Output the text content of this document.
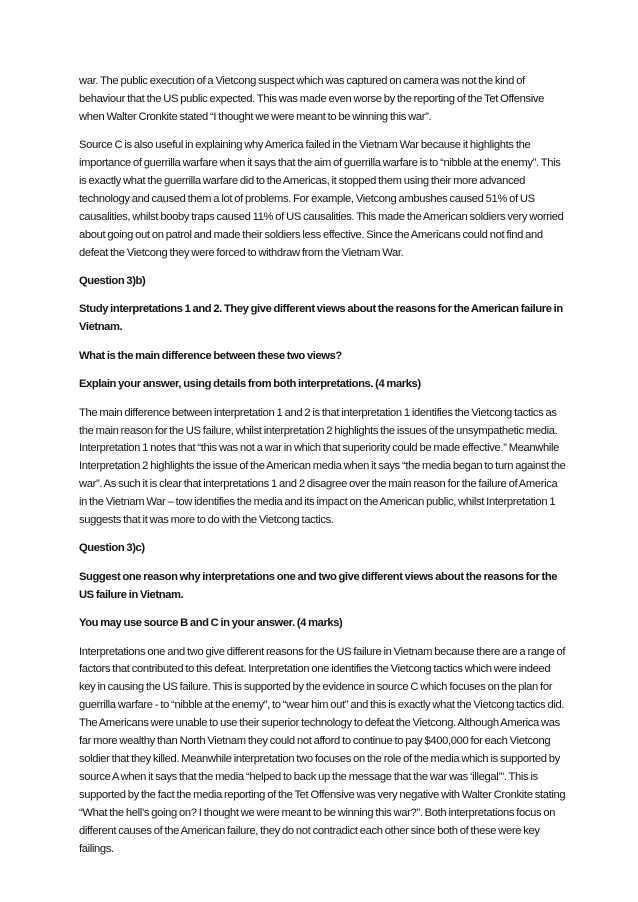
war. The public execution of a Vietcong suspect which was captured on camera was not the kind of behaviour that the US public expected. This was made even worse by the reporting of the Tet Offensive when Walter Cronkite stated “I thought we were meant to be winning this war”.

Source C is also useful in explaining why America failed in the Vietnam War because it highlights the importance of guerrilla warfare when it says that the aim of guerrilla warfare is to “nibble at the enemy”. This is exactly what the guerrilla warfare did to the Americas, it stopped them using their more advanced technology and caused them a lot of problems. For example, Vietcong ambushes caused 51% of US causalities, whilst booby traps caused 11% of US causalities. This made the American soldiers very worried about going out on patrol and made their soldiers less effective. Since the Americans could not find and defeat the Vietcong they were forced to withdraw from the Vietnam War.

Question 3)b)

Study interpretations 1 and 2. They give different views about the reasons for the American failure in Vietnam.

What is the main difference between these two views?

Explain your answer, using details from both interpretations. (4 marks)

The main difference between interpretation 1 and 2 is that interpretation 1 identifies the Vietcong tactics as the main reason for the US failure, whilst interpretation 2 highlights the issues of the unsympathetic media. Interpretation 1 notes that “this was not a war in which that superiority could be made effective.” Meanwhile Interpretation 2 highlights the issue of the American media when it says “the media began to turn against the war”. As such it is clear that interpretations 1 and 2 disagree over the main reason for the failure of America in the Vietnam War – tow identifies the media and its impact on the American public, whilst Interpretation 1 suggests that it was more to do with the Vietcong tactics.

Question 3)c)

Suggest one reason why interpretations one and two give different views about the reasons for the US failure in Vietnam.

You may use source B and C in your answer. (4 marks)

Interpretations one and two give different reasons for the US failure in Vietnam because there are a range of factors that contributed to this defeat. Interpretation one identifies the Vietcong tactics which were indeed key in causing the US failure. This is supported by the evidence in source C which focuses on the plan for guerrilla warfare - to “nibble at the enemy”, to “wear him out” and this is exactly what the Vietcong tactics did. The Americans were unable to use their superior technology to defeat the Vietcong. Although America was far more wealthy than North Vietnam they could not afford to continue to pay $400,000 for each Vietcong soldier that they killed. Meanwhile interpretation two focuses on the role of the media which is supported by source A when it says that the media “helped to back up the message that the war was ‘illegal’”. This is supported by the fact the media reporting of the Tet Offensive was very negative with Walter Cronkite stating “What the hell’s going on? I thought we were meant to be winning this war?”. Both interpretations focus on different causes of the American failure, they do not contradict each other since both of these were key failings.
